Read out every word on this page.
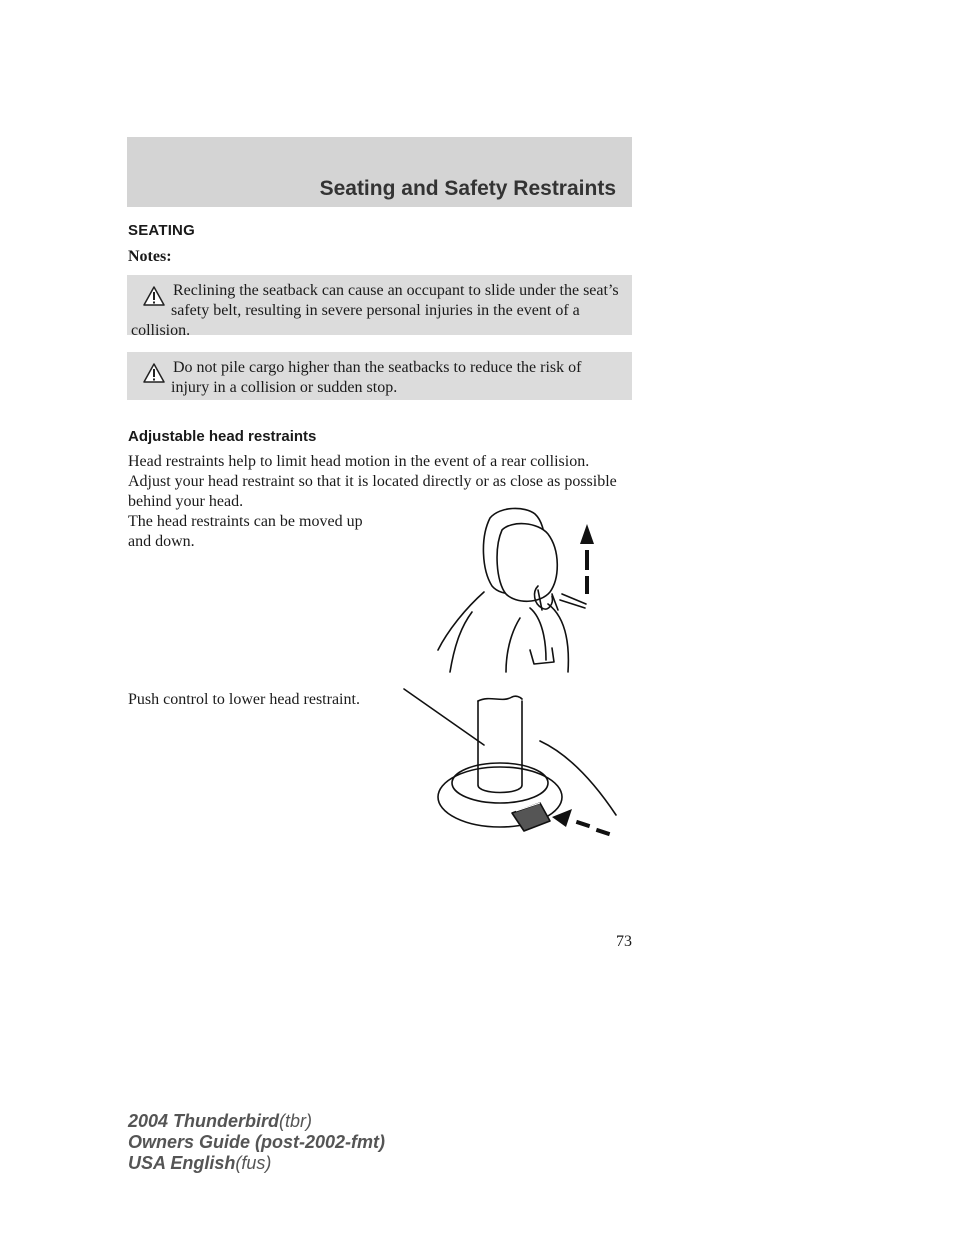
Seating and Safety Restraints
SEATING
Notes:
Reclining the seatback can cause an occupant to slide under the seat’s safety belt, resulting in severe personal injuries in the event of a collision.
Do not pile cargo higher than the seatbacks to reduce the risk of injury in a collision or sudden stop.
Adjustable head restraints
Head restraints help to limit head motion in the event of a rear collision. Adjust your head restraint so that it is located directly or as close as possible behind your head.
The head restraints can be moved up and down.
Push control to lower head restraint.
73
2004 Thunderbird(tbr)
Owners Guide (post-2002-fmt)
USA English(fus)
